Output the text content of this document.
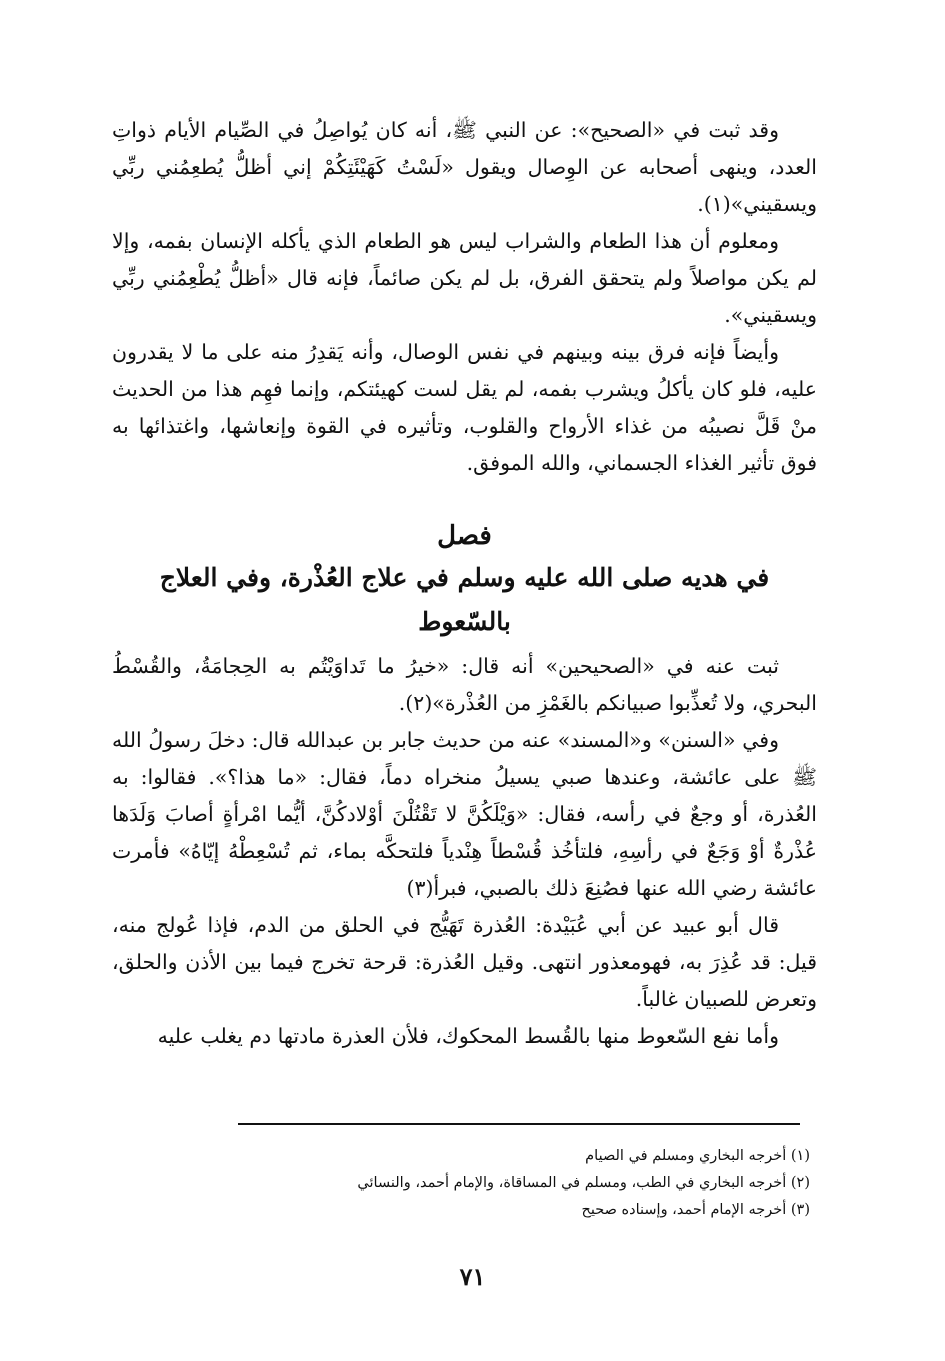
وقد ثبت في «الصحيح»: عن النبي ﷺ، أنه كان يُواصِلُ في الصِّيام الأيام ذواتِ العدد، وينهى أصحابه عن الوِصال ويقول «لَسْتُ كَهَيْئَتِكُمْ إني أظلُّ يُطعِمُني ربِّي ويسقيني»(١).

ومعلوم أن هذا الطعام والشراب ليس هو الطعام الذي يأكله الإنسان بفمه، وإلا لم يكن مواصلاً ولم يتحقق الفرق، بل لم يكن صائماً، فإنه قال «أظلُّ يُطْعِمُني ربِّي ويسقيني».

وأيضاً فإنه فرق بينه وبينهم في نفس الوصال، وأنه يَقدِرُ منه على ما لا يقدرون عليه، فلو كان يأكلُ ويشرب بفمه، لم يقل لست كهيئتكم، وإنما فهِم هذا من الحديث منْ قَلَّ نصيبُه من غذاء الأرواح والقلوب، وتأثيره في القوة وإنعاشها، واغتذائها به فوق تأثير الغذاء الجسماني، والله الموفق.

فصل
في هديه صلى الله عليه وسلم في علاج العُذْرة، وفي العلاج بالسّعوط

ثبت عنه في «الصحيحين» أنه قال: «خيرُ ما تَداوَيْتُم به الحِجامَةُ، والقُسْطُ البحري، ولا تُعذِّبوا صبيانكم بالغَمْزِ من العُذْرة»(٢).

وفي «السنن» و«المسند» عنه من حديث جابر بن عبدالله قال: دخلَ رسولُ الله ﷺ على عائشة، وعندها صبي يسيلُ منخراه دماً، فقال: «ما هذا؟». فقالوا: به العُذرة، أو وجعٌ في رأسه، فقال: «وَيْلَكُنَّ لا تَقْتُلْنَ أوْلادكُنَّ، أيُّما امْرأةٍ أصابَ وَلَدَها عُذْرةٌ أوْ وَجَعٌ في رأسِهِ، فلتأخُذ قُسْطاً هِنْدياً فلتحكَّه بماء، ثم تُسْعِطْهُ إيّاهُ» فأمرت عائشة رضي الله عنها فصُنِعَ ذلك بالصبي، فبرأ(٣)

قال أبو عبيد عن أبي عُبَيْدة: العُذرة تَهَيُّج في الحلق من الدم، فإذا عُولج منه، قيل: قد عُذِرَ به، فهومعذور انتهى. وقيل العُذرة: قرحة تخرج فيما بين الأذن والحلق، وتعرض للصبيان غالباً.

وأما نفع السّعوط منها بالقُسط المحكوك، فلأن العذرة مادتها دم يغلب عليه

(١) أخرجه البخاري ومسلم في الصيام
(٢) أخرجه البخاري في الطب، ومسلم في المساقاة، والإمام أحمد، والنسائي
(٣) أخرجه الإمام أحمد، وإسناده صحيح
٧١
